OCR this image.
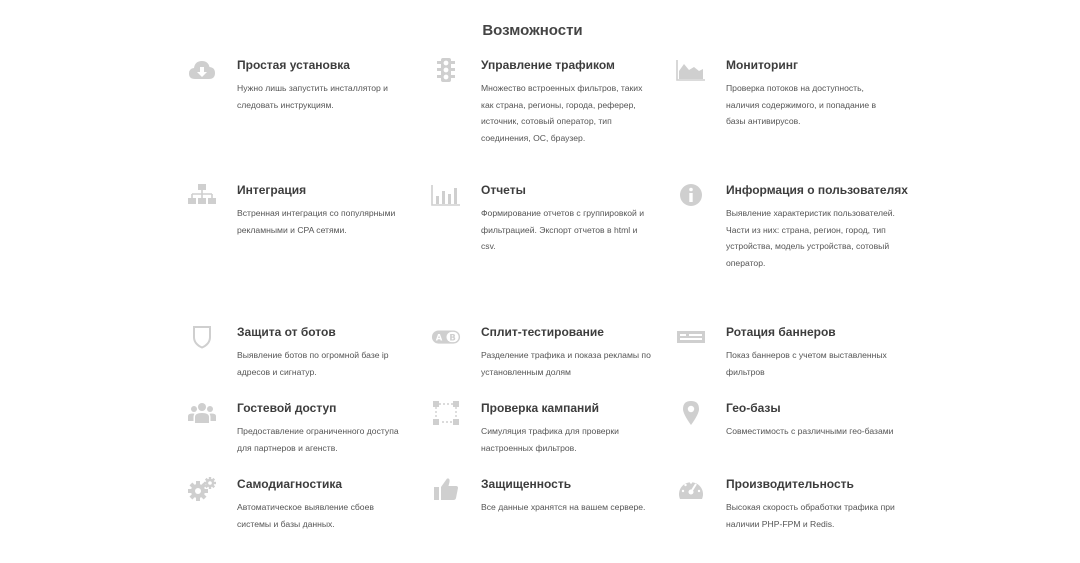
Возможности
Простая установка

Нужно лишь запустить инсталлятор и следовать инструкциям.

Управление трафиком

Множество встроенных фильтров, таких как страна, регионы, города, реферер, источник, сотовый оператор, тип соединения, ОС, браузер.

Мониторинг

Проверка потоков на доступность, наличия содержимого, и попадание в базы антивирусов.

Интеграция

Встренная интеграция со популярными рекламными и CPA сетями.

Отчеты

Формирование отчетов с группировкой и фильтрацией. Экспорт отчетов в html и csv.

Информация о пользователях

Выявление характеристик пользователей. Части из них: страна, регион, город, тип устройства, модель устройства, сотовый оператор.

Защита от ботов

Выявление ботов по огромной базе ip адресов и сигнатур.

A B Сплит-тестирование

Разделение трафика и показа рекламы по установленным долям

Ротация баннеров

Показ баннеров с учетом выставленных фильтров

Гостевой доступ

Предоставление ограниченного доступа для партнеров и агенств.

Проверка кампаний

Симуляция трафика для проверки настроенных фильтров.

Гео-базы

Совместимость с различными гео-базами

Самодиагностика

Автоматическое выявление сбоев системы и базы данных.

Защищенность

Все данные хранятся на вашем сервере.

Производительность

Высокая скорость обработки трафика при наличии PHP-FPM и Redis.
